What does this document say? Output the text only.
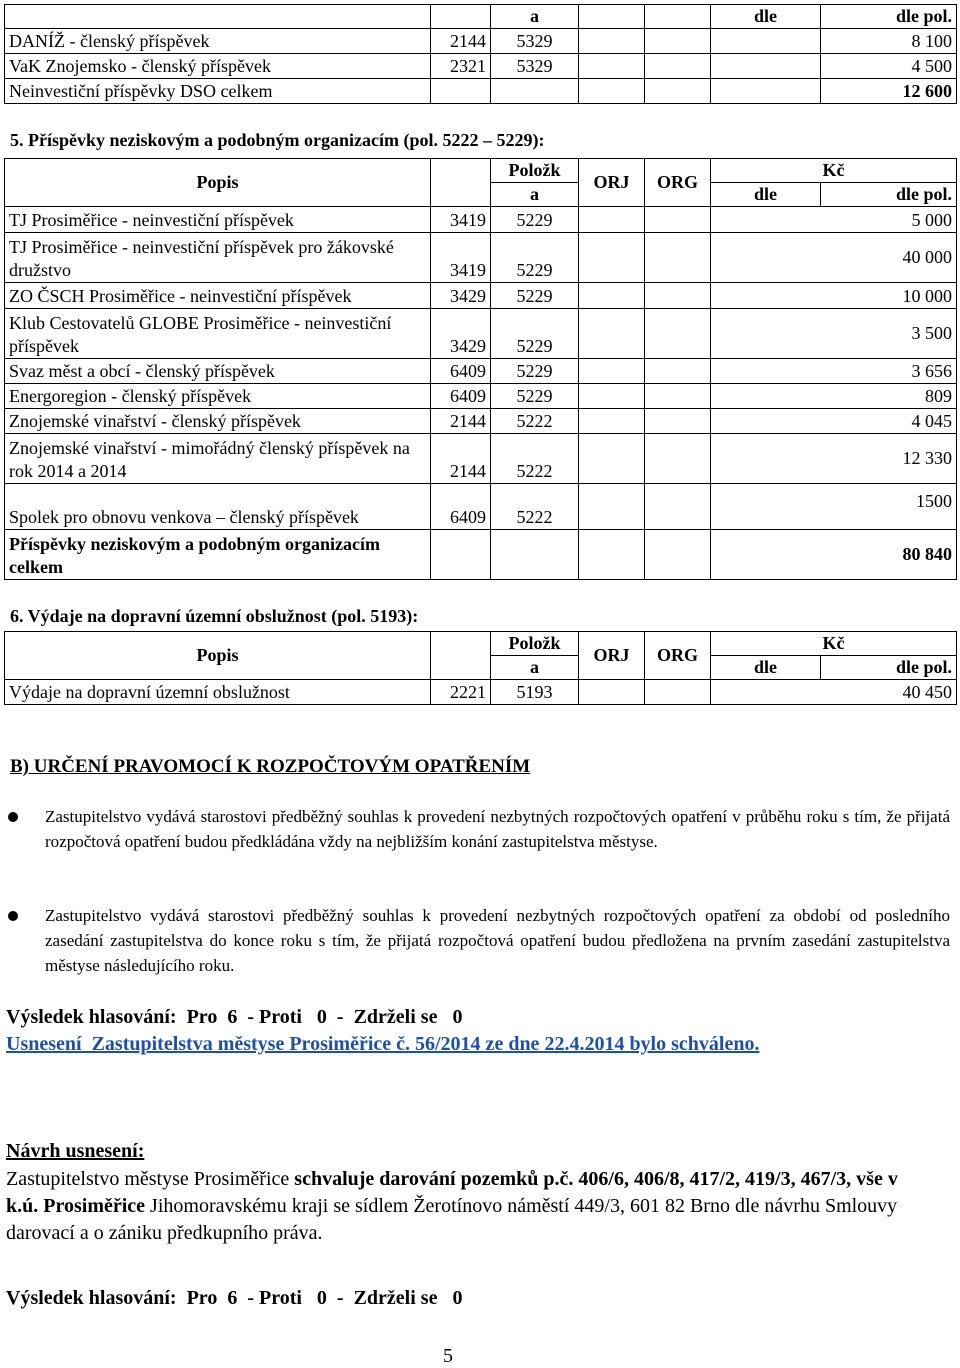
		a			dle	dle pol.
DANÍŽ - členský příspěvek	2144	5329				8 100
VaK Znojemsko - členský příspěvek	2321	5329				4 500
Neinvestiční příspěvky DSO celkem						12 600
5. Příspěvky neziskovým a podobným organizacím (pol. 5222 – 5229):
Popis		Položk	ORJ	ORG	Kč	
		a			dle	dle pol.
TJ Prosiměřice - neinvestiční příspěvek	3419	5229			5 000	
TJ Prosiměřice - neinvestiční příspěvek pro žákovské družstvo	3419	5229			40 000	
ZO ČSCH Prosiměřice - neinvestiční příspěvek	3429	5229			10 000	
Klub Cestovatelů GLOBE Prosiměřice - neinvestiční příspěvek	3429	5229			3 500	
Svaz měst a obcí - členský příspěvek	6409	5229			3 656	
Energoregion - členský příspěvek	6409	5229			809	
Znojemské vinařství - členský příspěvek	2144	5222			4 045	
Znojemské vinařství - mimořádný členský příspěvek na rok 2014 a 2014	2144	5222			12 330	
Spolek pro obnovu venkova – členský příspěvek	6409	5222			1500	
Příspěvky neziskovým a podobným organizacím celkem					80 840	
6. Výdaje na dopravní územní obslužnost (pol. 5193):
Popis		Položk	ORJ	ORG	Kč	
		a			dle	dle pol.
Výdaje na dopravní územní obslužnost	2221	5193			40 450	
B) URČENÍ PRAVOMOCÍ K ROZPOČTOVÝM OPATŘENÍM
Zastupitelstvo vydává starostovi předběžný souhlas k provedení nezbytných rozpočtových opatření v průběhu roku s tím, že přijatá rozpočtová opatření budou předkládána vždy na nejbližším konání zastupitelstva městyse.
Zastupitelstvo vydává starostovi předběžný souhlas k provedení nezbytných rozpočtových opatření za období od posledního zasedání zastupitelstva do konce roku s tím, že přijatá rozpočtová opatření budou předložena na prvním zasedání zastupitelstva městyse následujícího roku.
Výsledek hlasování:  Pro  6  - Proti   0  -  Zdrželi se   0
Usnesení  Zastupitelstva městyse Prosiměřice č. 56/2014 ze dne 22.4.2014 bylo schváleno.
Návrh usnesení:
Zastupitelstvo městyse Prosiměřice schvaluje darování pozemků p.č. 406/6, 406/8, 417/2, 419/3, 467/3, vše v k.ú. Prosiměřice Jihomoravskému kraji se sídlem Žerotínovo náměstí 449/3, 601 82 Brno dle návrhu Smlouvy darovací a o zániku předkupního práva.
Výsledek hlasování:  Pro  6  - Proti   0  -  Zdrželi se   0
5
